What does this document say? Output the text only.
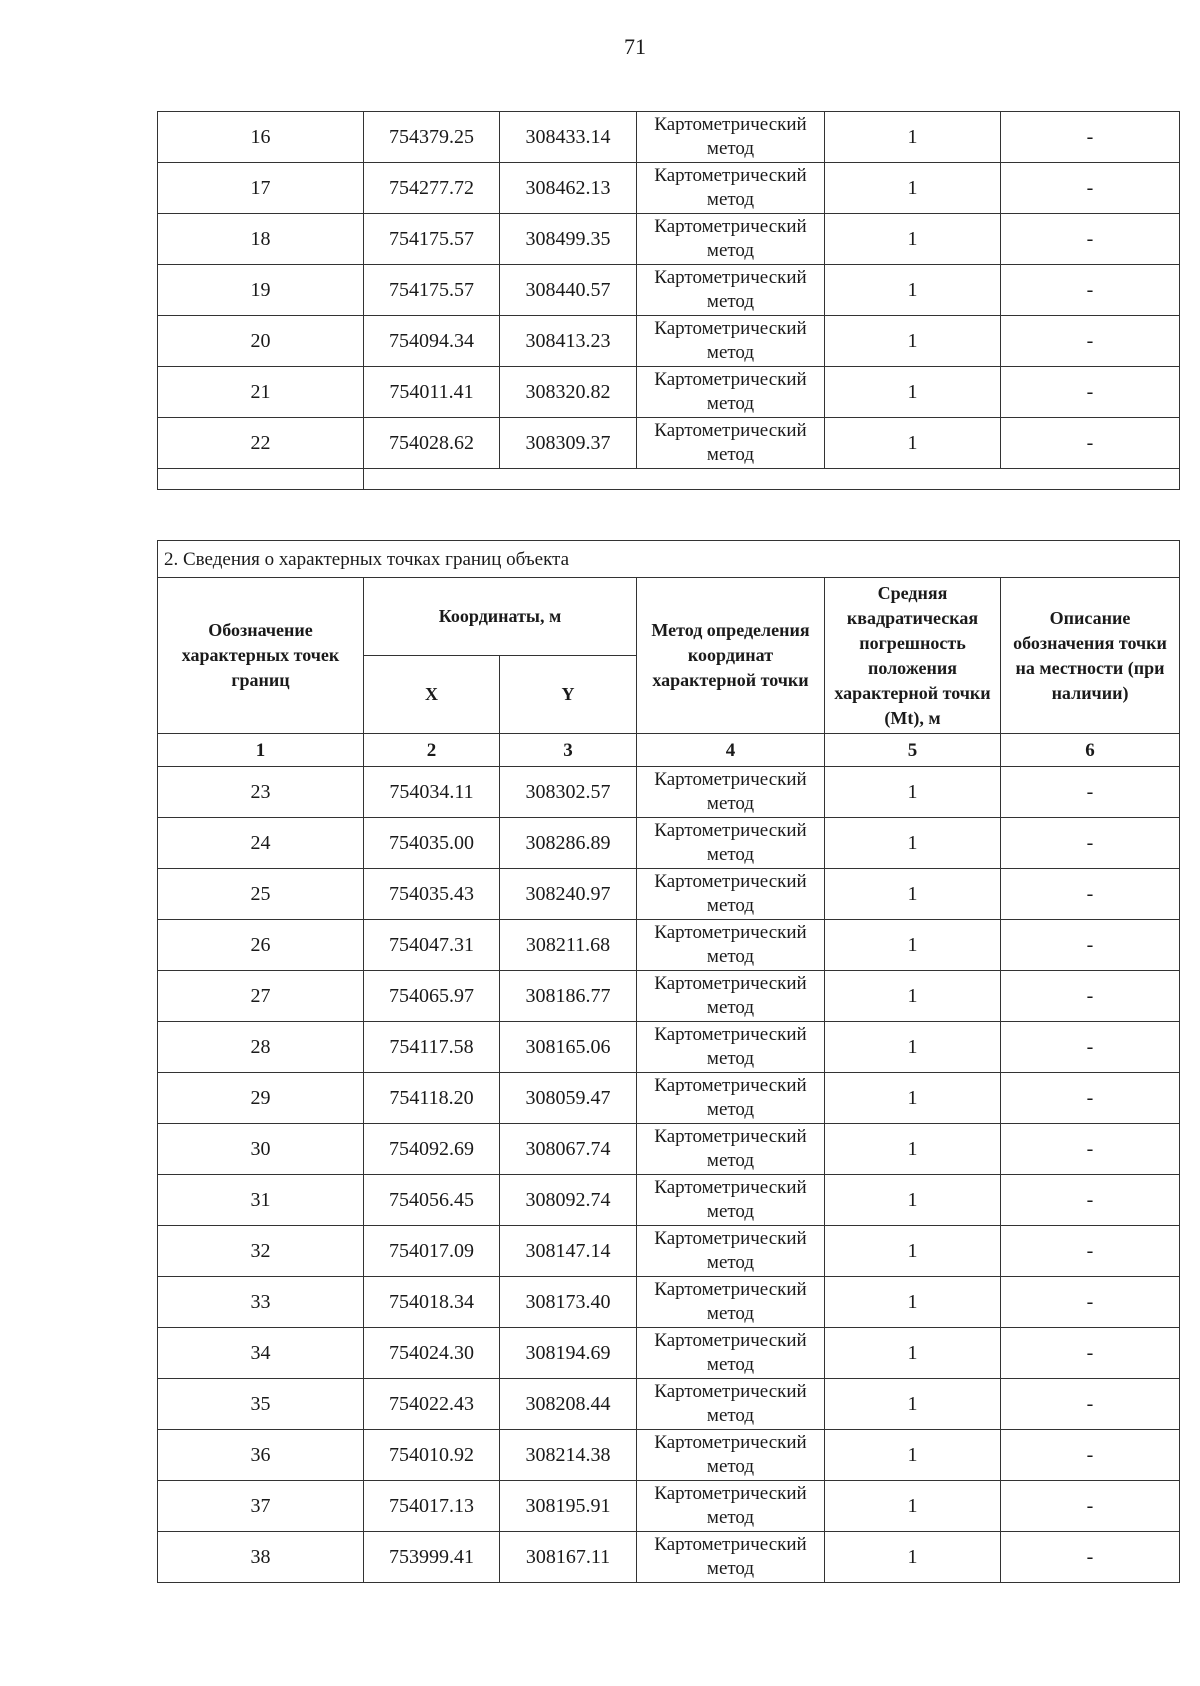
71
16	754379.25	308433.14	Картометрический метод	1	-
17	754277.72	308462.13	Картометрический метод	1	-
18	754175.57	308499.35	Картометрический метод	1	-
19	754175.57	308440.57	Картометрический метод	1	-
20	754094.34	308413.23	Картометрический метод	1	-
21	754011.41	308320.82	Картометрический метод	1	-
22	754028.62	308309.37	Картометрический метод	1	-

2. Сведения о характерных точках границ объекта					
Обозначение характерных точек границ	Координаты, м		Метод определения координат характерной точки	Средняя квадратическая погрешность положения характерной точки (Mt), м	Описание обозначения точки на местности (при наличии)
	X	Y			
1	2	3	4	5	6
23	754034.11	308302.57	Картометрический метод	1	-
24	754035.00	308286.89	Картометрический метод	1	-
25	754035.43	308240.97	Картометрический метод	1	-
26	754047.31	308211.68	Картометрический метод	1	-
27	754065.97	308186.77	Картометрический метод	1	-
28	754117.58	308165.06	Картометрический метод	1	-
29	754118.20	308059.47	Картометрический метод	1	-
30	754092.69	308067.74	Картометрический метод	1	-
31	754056.45	308092.74	Картометрический метод	1	-
32	754017.09	308147.14	Картометрический метод	1	-
33	754018.34	308173.40	Картометрический метод	1	-
34	754024.30	308194.69	Картометрический метод	1	-
35	754022.43	308208.44	Картометрический метод	1	-
36	754010.92	308214.38	Картометрический метод	1	-
37	754017.13	308195.91	Картометрический метод	1	-
38	753999.41	308167.11	Картометрический метод	1	-
